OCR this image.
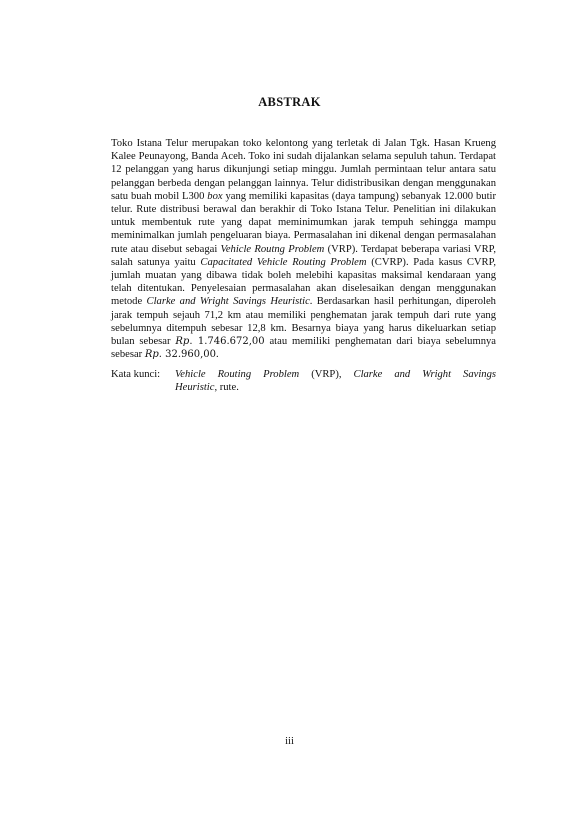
ABSTRAK

Toko Istana Telur merupakan toko kelontong yang terletak di Jalan Tgk. Hasan Krueng Kalee Peunayong, Banda Aceh. Toko ini sudah dijalankan selama sepuluh tahun. Terdapat 12 pelanggan yang harus dikunjungi setiap minggu. Jumlah permintaan telur antara satu pelanggan berbeda dengan pelanggan lainnya. Telur didistribusikan dengan menggunakan satu buah mobil L300 box yang memiliki kapasitas (daya tampung) sebanyak 12.000 butir telur. Rute distribusi berawal dan berakhir di Toko Istana Telur. Penelitian ini dilakukan untuk membentuk rute yang dapat meminimumkan jarak tempuh sehingga mampu meminimalkan jumlah pengeluaran biaya. Permasalahan ini dikenal dengan permasalahan rute atau disebut sebagai Vehicle Routng Problem (VRP). Terdapat beberapa variasi VRP, salah satunya yaitu Capacitated Vehicle Routing Problem (CVRP). Pada kasus CVRP, jumlah muatan yang dibawa tidak boleh melebihi kapasitas maksimal kendaraan yang telah ditentukan. Penyelesaian permasalahan akan diselesaikan dengan menggunakan metode Clarke and Wright Savings Heuristic. Berdasarkan hasil perhitungan, diperoleh jarak tempuh sejauh 71,2 km atau memiliki penghematan jarak tempuh dari rute yang sebelumnya ditempuh sebesar 12,8 km. Besarnya biaya yang harus dikeluarkan setiap bulan sebesar Rp. 1.746.672,00 atau memiliki penghematan dari biaya sebelumnya sebesar Rp. 32.960,00.

Kata kunci:	Vehicle Routing Problem (VRP), Clarke and Wright Savings
Heuristic, rute.
iii
